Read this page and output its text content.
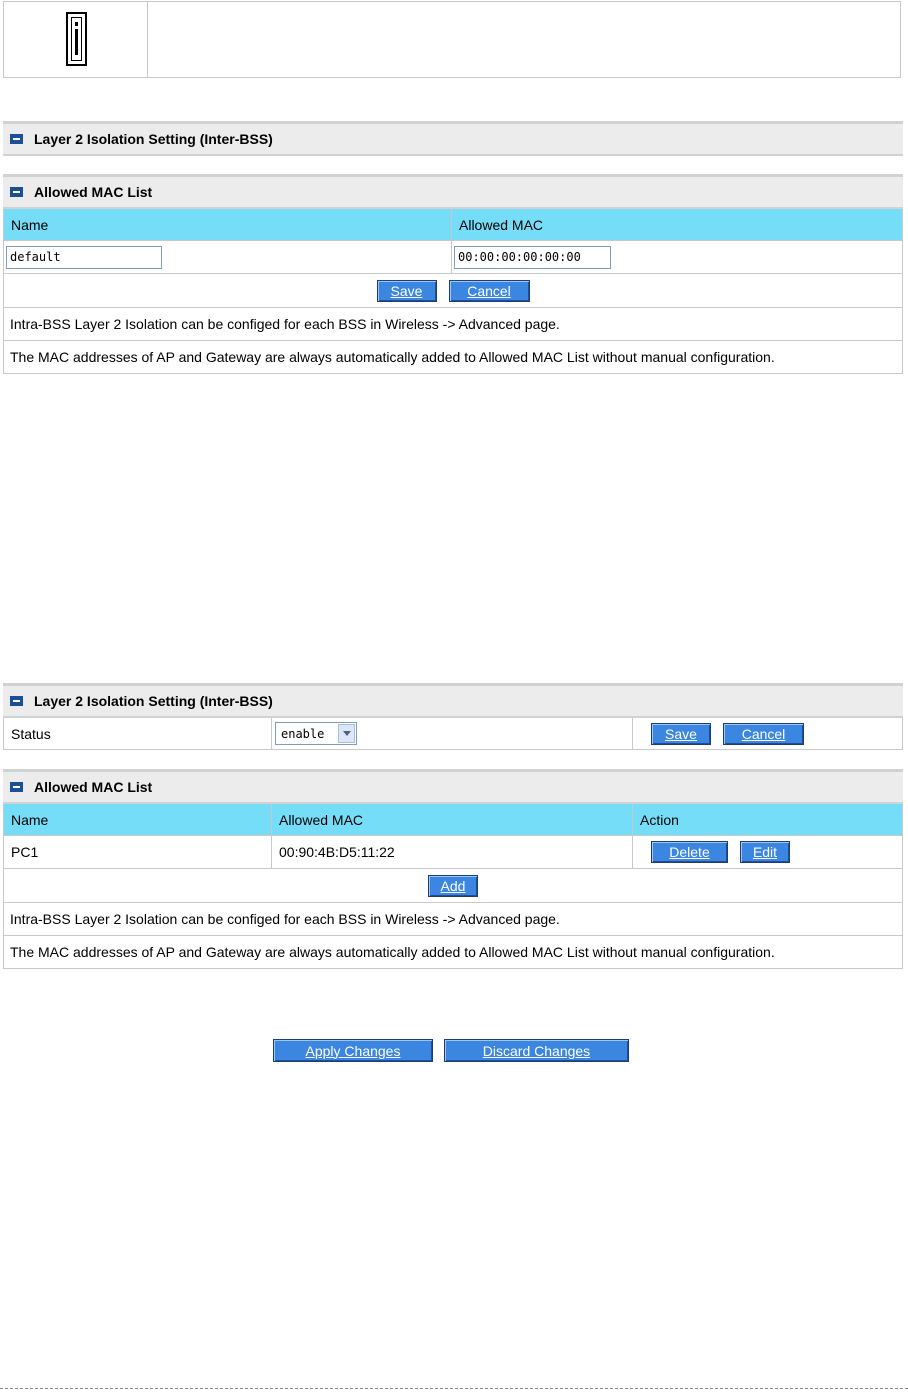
Layer 2 Isolation Setting (Inter-BSS)
Allowed MAC List
Name	Allowed MAC
default	00:00:00:00:00:00
Save	Cancel
Intra-BSS Layer 2 Isolation can be configed for each BSS in Wireless -> Advanced page.
The MAC addresses of AP and Gateway are always automatically added to Allowed MAC List without manual configuration.
Layer 2 Isolation Setting (Inter-BSS)
Status	enable	Save	Cancel
Allowed MAC List
Name	Allowed MAC	Action
PC1	00:90:4B:D5:11:22	Delete	Edit
Add
Intra-BSS Layer 2 Isolation can be configed for each BSS in Wireless -> Advanced page.
The MAC addresses of AP and Gateway are always automatically added to Allowed MAC List without manual configuration.
Apply Changes	Discard Changes
